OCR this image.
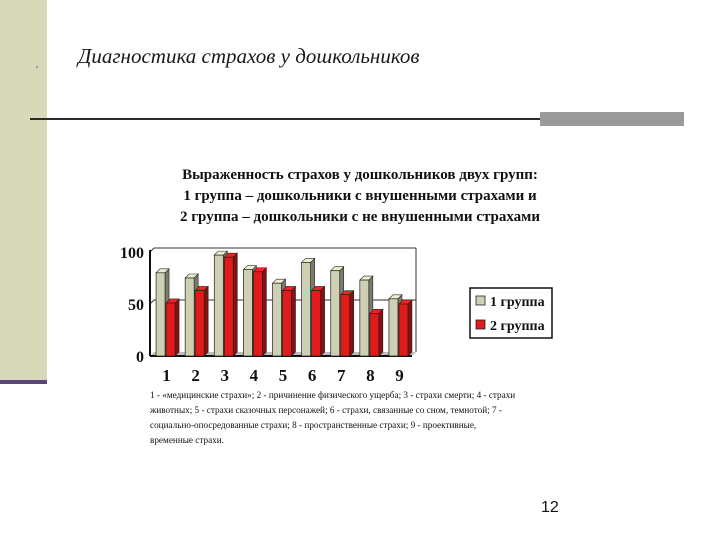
Диагностика страхов у дошкольников
Выраженность страхов у дошкольников двух групп:
1 группа – дошкольники с внушенными страхами и
2 группа – дошкольники с не внушенными страхами
0
50
100
1 2 3 4 5 6 7 8 9
1 группа
2 группа
1 - «медицинские страхи»; 2 - причинение физического ущерба; 3 - страхи смерти; 4 - страхи животных; 5 - страхи сказочных персонажей; 6 - страхи, связанные со сном, темнотой; 7 - социально-опосредованные страхи; 8 - пространственные страхи; 9 - проективные, временные страхи.
12
